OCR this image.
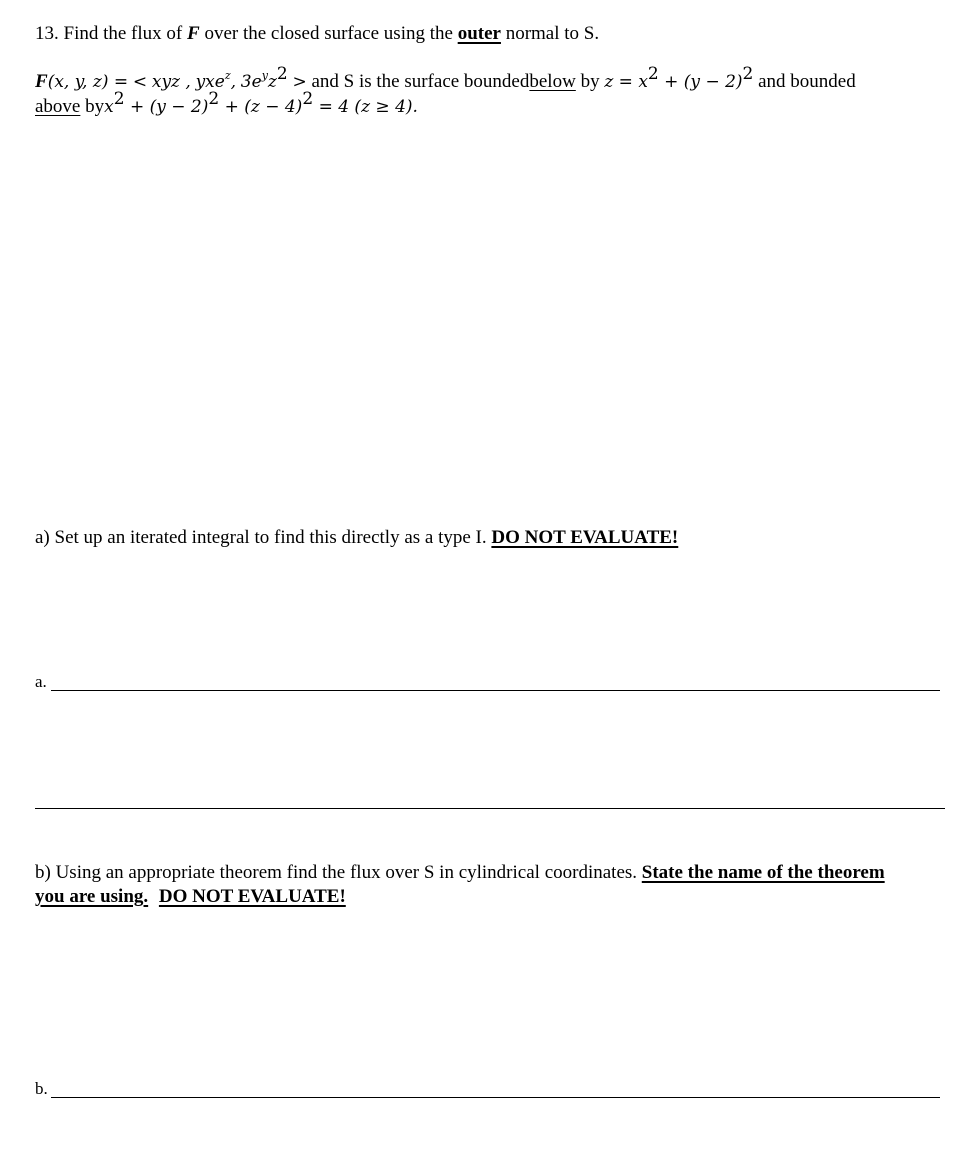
13. Find the flux of F over the closed surface using the outer normal to S.
F(x, y, z) = < xyz , yxe$^z$, $3e^yz^2$ > and S is the surface boundedbelow by $z = x^2 + (y - 2)^2$ and bounded
above $byx^2 + (y - 2)^2 + (z - 4)^2 = 4$ (z ≥ 4).
a) Set up an iterated integral to find this directly as a type I. DO NOT EVALUATE!
a.
b) Using an appropriate theorem find the flux over S in cylindrical coordinates. State the name of the theorem
you are using. DO NOT EVALUATE!
b.
